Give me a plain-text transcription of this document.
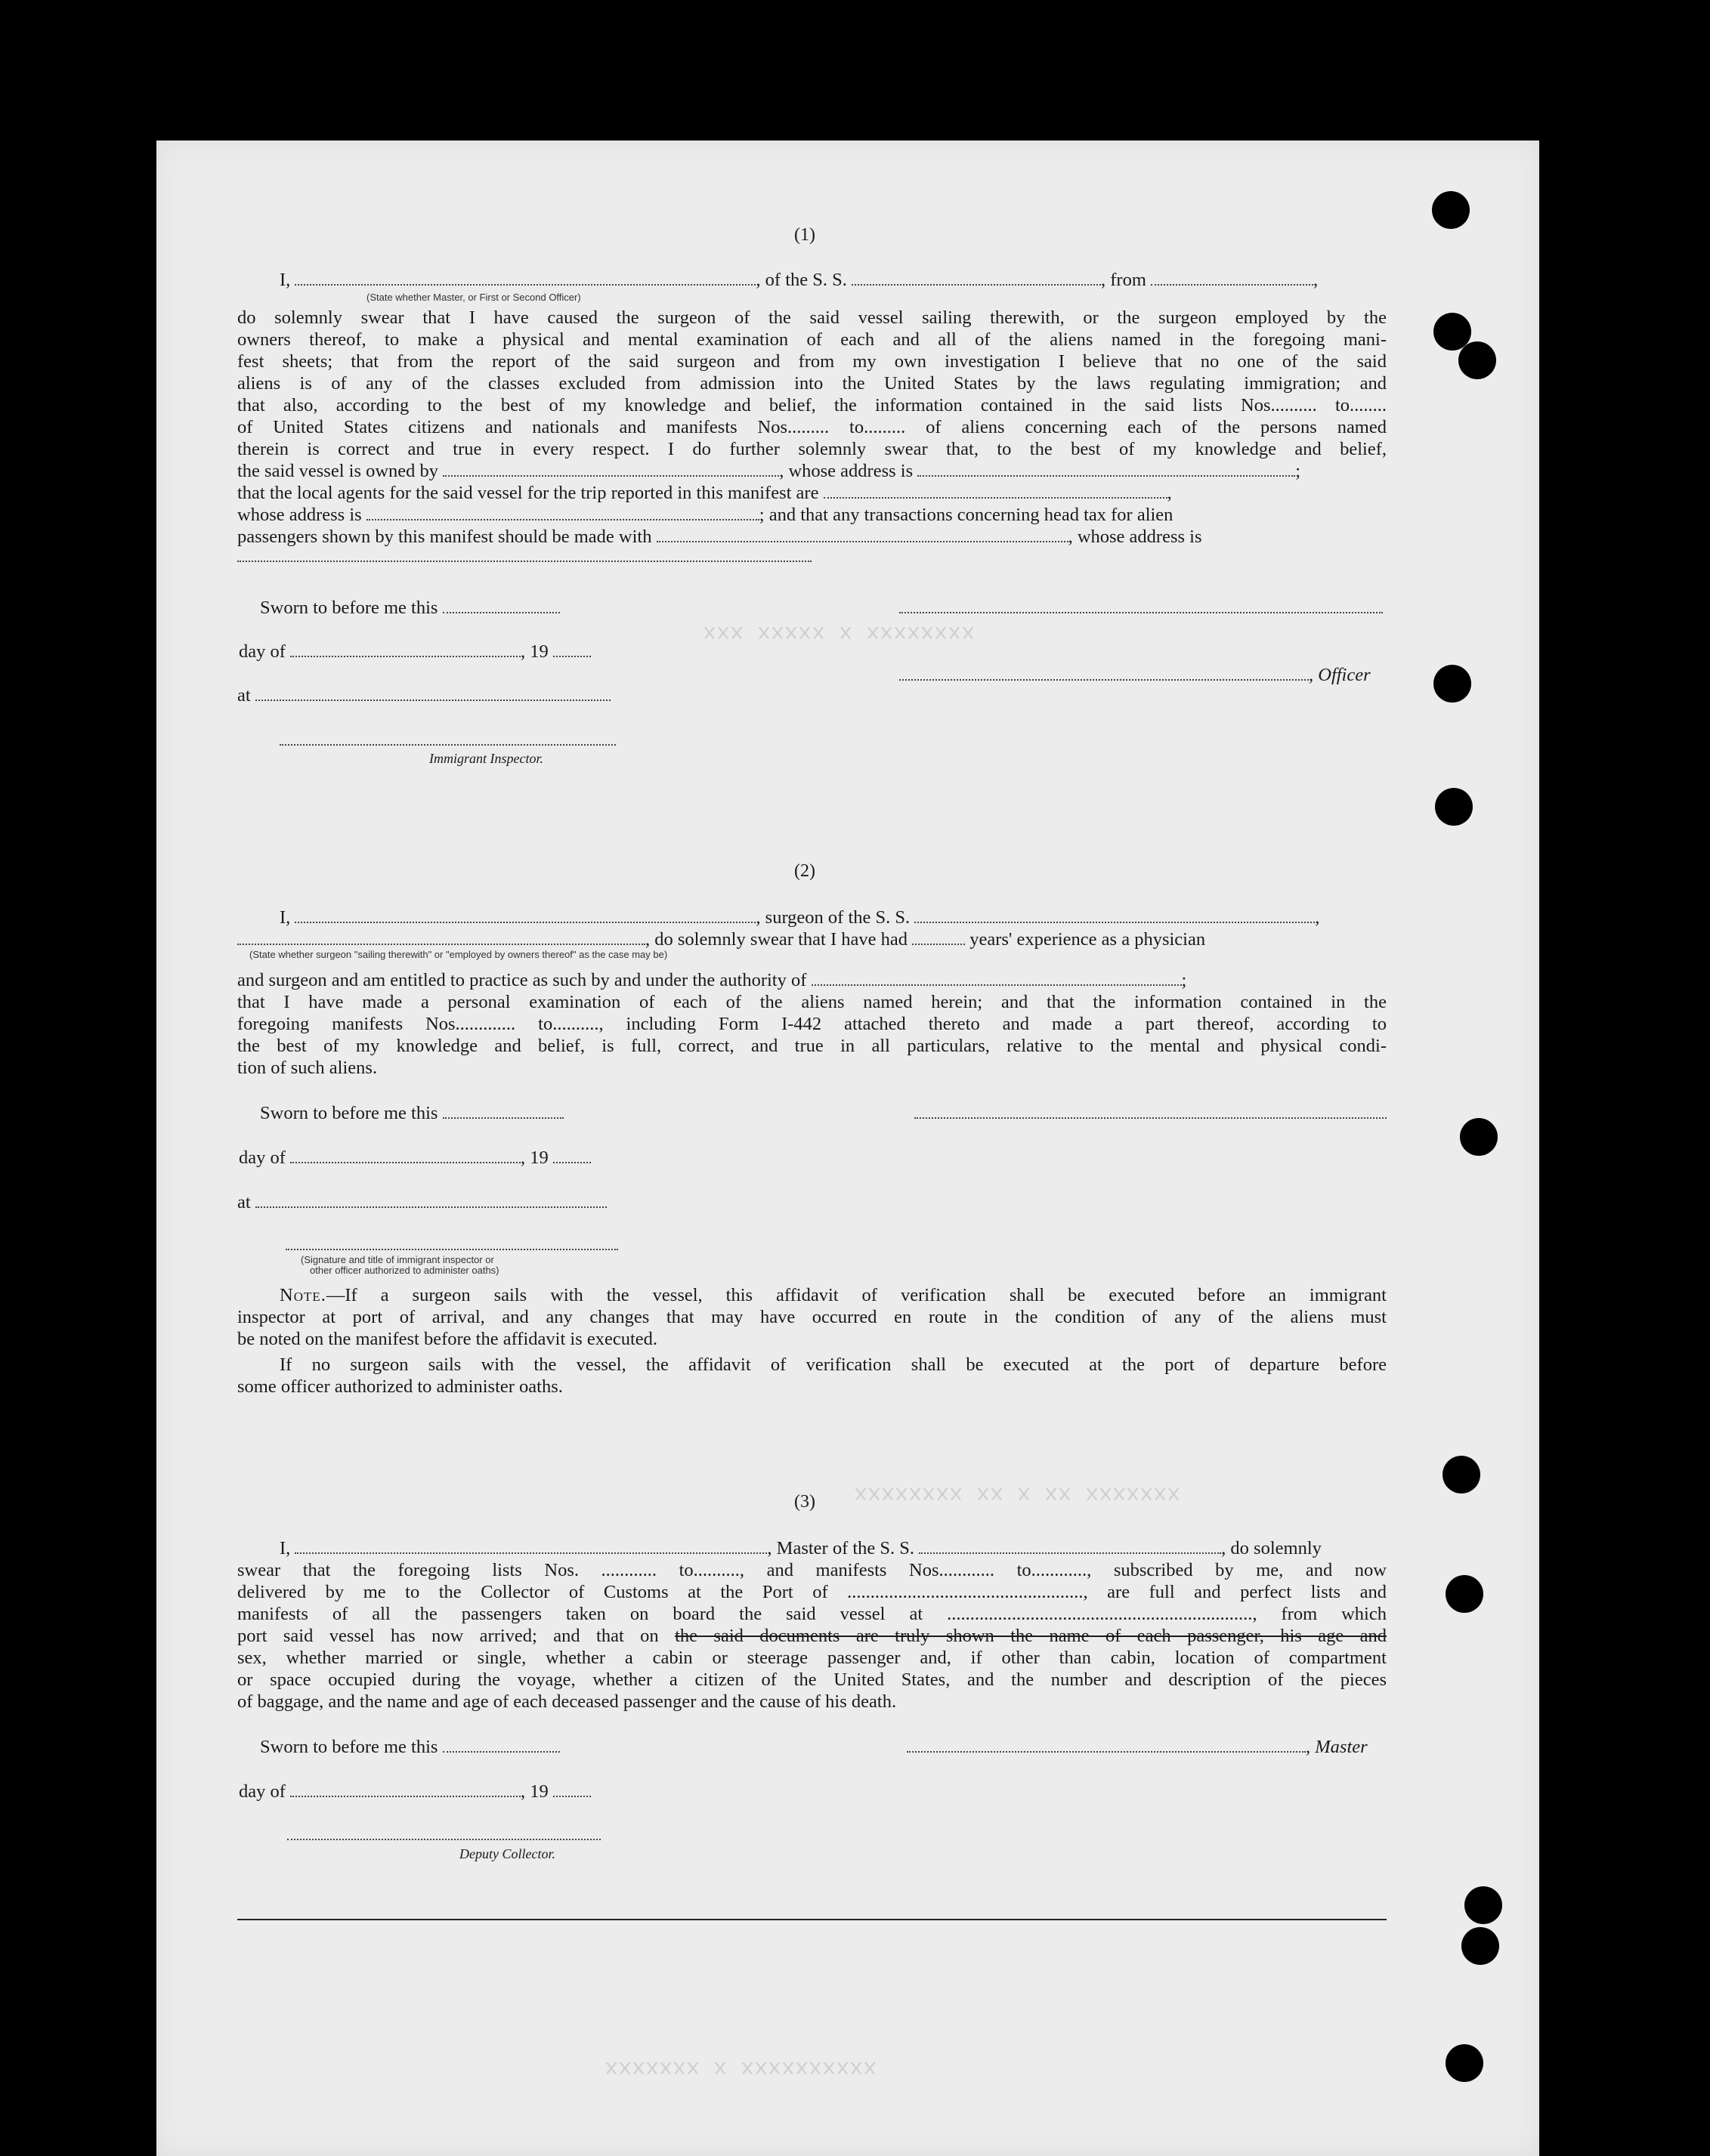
xxxxxxxx x xxxxx xxx
xxxxxxx xx x xx xxxxxxxx
xxxxxxxxxx x xxxxxxx
(1)
I,	, of the S. S.	, from	,
(State whether Master, or First or Second Officer)
do solemnly swear that I have caused the surgeon of the said vessel sailing therewith, or the surgeon employed by the
owners thereof, to make a physical and mental examination of each and all of the aliens named in the foregoing mani-
fest sheets; that from the report of the said surgeon and from my own investigation I believe that no one of the said
aliens is of any of the classes excluded from admission into the United States by the laws regulating immigration; and
that also, according to the best of my knowledge and belief, the information contained in the said lists Nos.......... to........
of United States citizens and nationals and manifests Nos......... to......... of aliens concerning each of the persons named
therein is correct and true in every respect. I do further solemnly swear that, to the best of my knowledge and belief,
the said vessel is owned by	, whose address is	;
that the local agents for the said vessel for the trip reported in this manifest are	,
whose address is	; and that any transactions concerning head tax for alien
passengers shown by this manifest should be made with	, whose address is
Sworn to before me this
day of	, 19
, Officer
at
Immigrant Inspector.
(2)
I,	, surgeon of the S. S.	,
, do solemnly swear that I have had	years' experience as a physician
(State whether surgeon "sailing therewith" or "employed by owners thereof" as the case may be)
and surgeon and am entitled to practice as such by and under the authority of	;
that I have made a personal examination of each of the aliens named herein; and that the information contained in the
foregoing manifests Nos............. to.........., including Form I-442 attached thereto and made a part thereof, according to
the best of my knowledge and belief, is full, correct, and true in all particulars, relative to the mental and physical condi-
tion of such aliens.
Sworn to before me this
day of	, 19
at
(Signature and title of immigrant inspector or
other officer authorized to administer oaths)
Note.—If a surgeon sails with the vessel, this affidavit of verification shall be executed before an immigrant
inspector at port of arrival, and any changes that may have occurred en route in the condition of any of the aliens must
be noted on the manifest before the affidavit is executed.
If no surgeon sails with the vessel, the affidavit of verification shall be executed at the port of departure before
some officer authorized to administer oaths.
(3)
I,	, Master of the S. S.	, do solemnly
swear that the foregoing lists Nos. ............ to.........., and manifests Nos............ to............, subscribed by me, and now
delivered by me to the Collector of Customs at the Port of ..................................................., are full and perfect lists and
manifests of all the passengers taken on board the said vessel at .................................................................., from which
port said vessel has now arrived; and that on the said documents are truly shown the name of each passenger, his age and
sex, whether married or single, whether a cabin or steerage passenger and, if other than cabin, location of compartment
or space occupied during the voyage, whether a citizen of the United States, and the number and description of the pieces
of baggage, and the name and age of each deceased passenger and the cause of his death.
Sworn to before me this	, Master
day of	, 19
Deputy Collector.
